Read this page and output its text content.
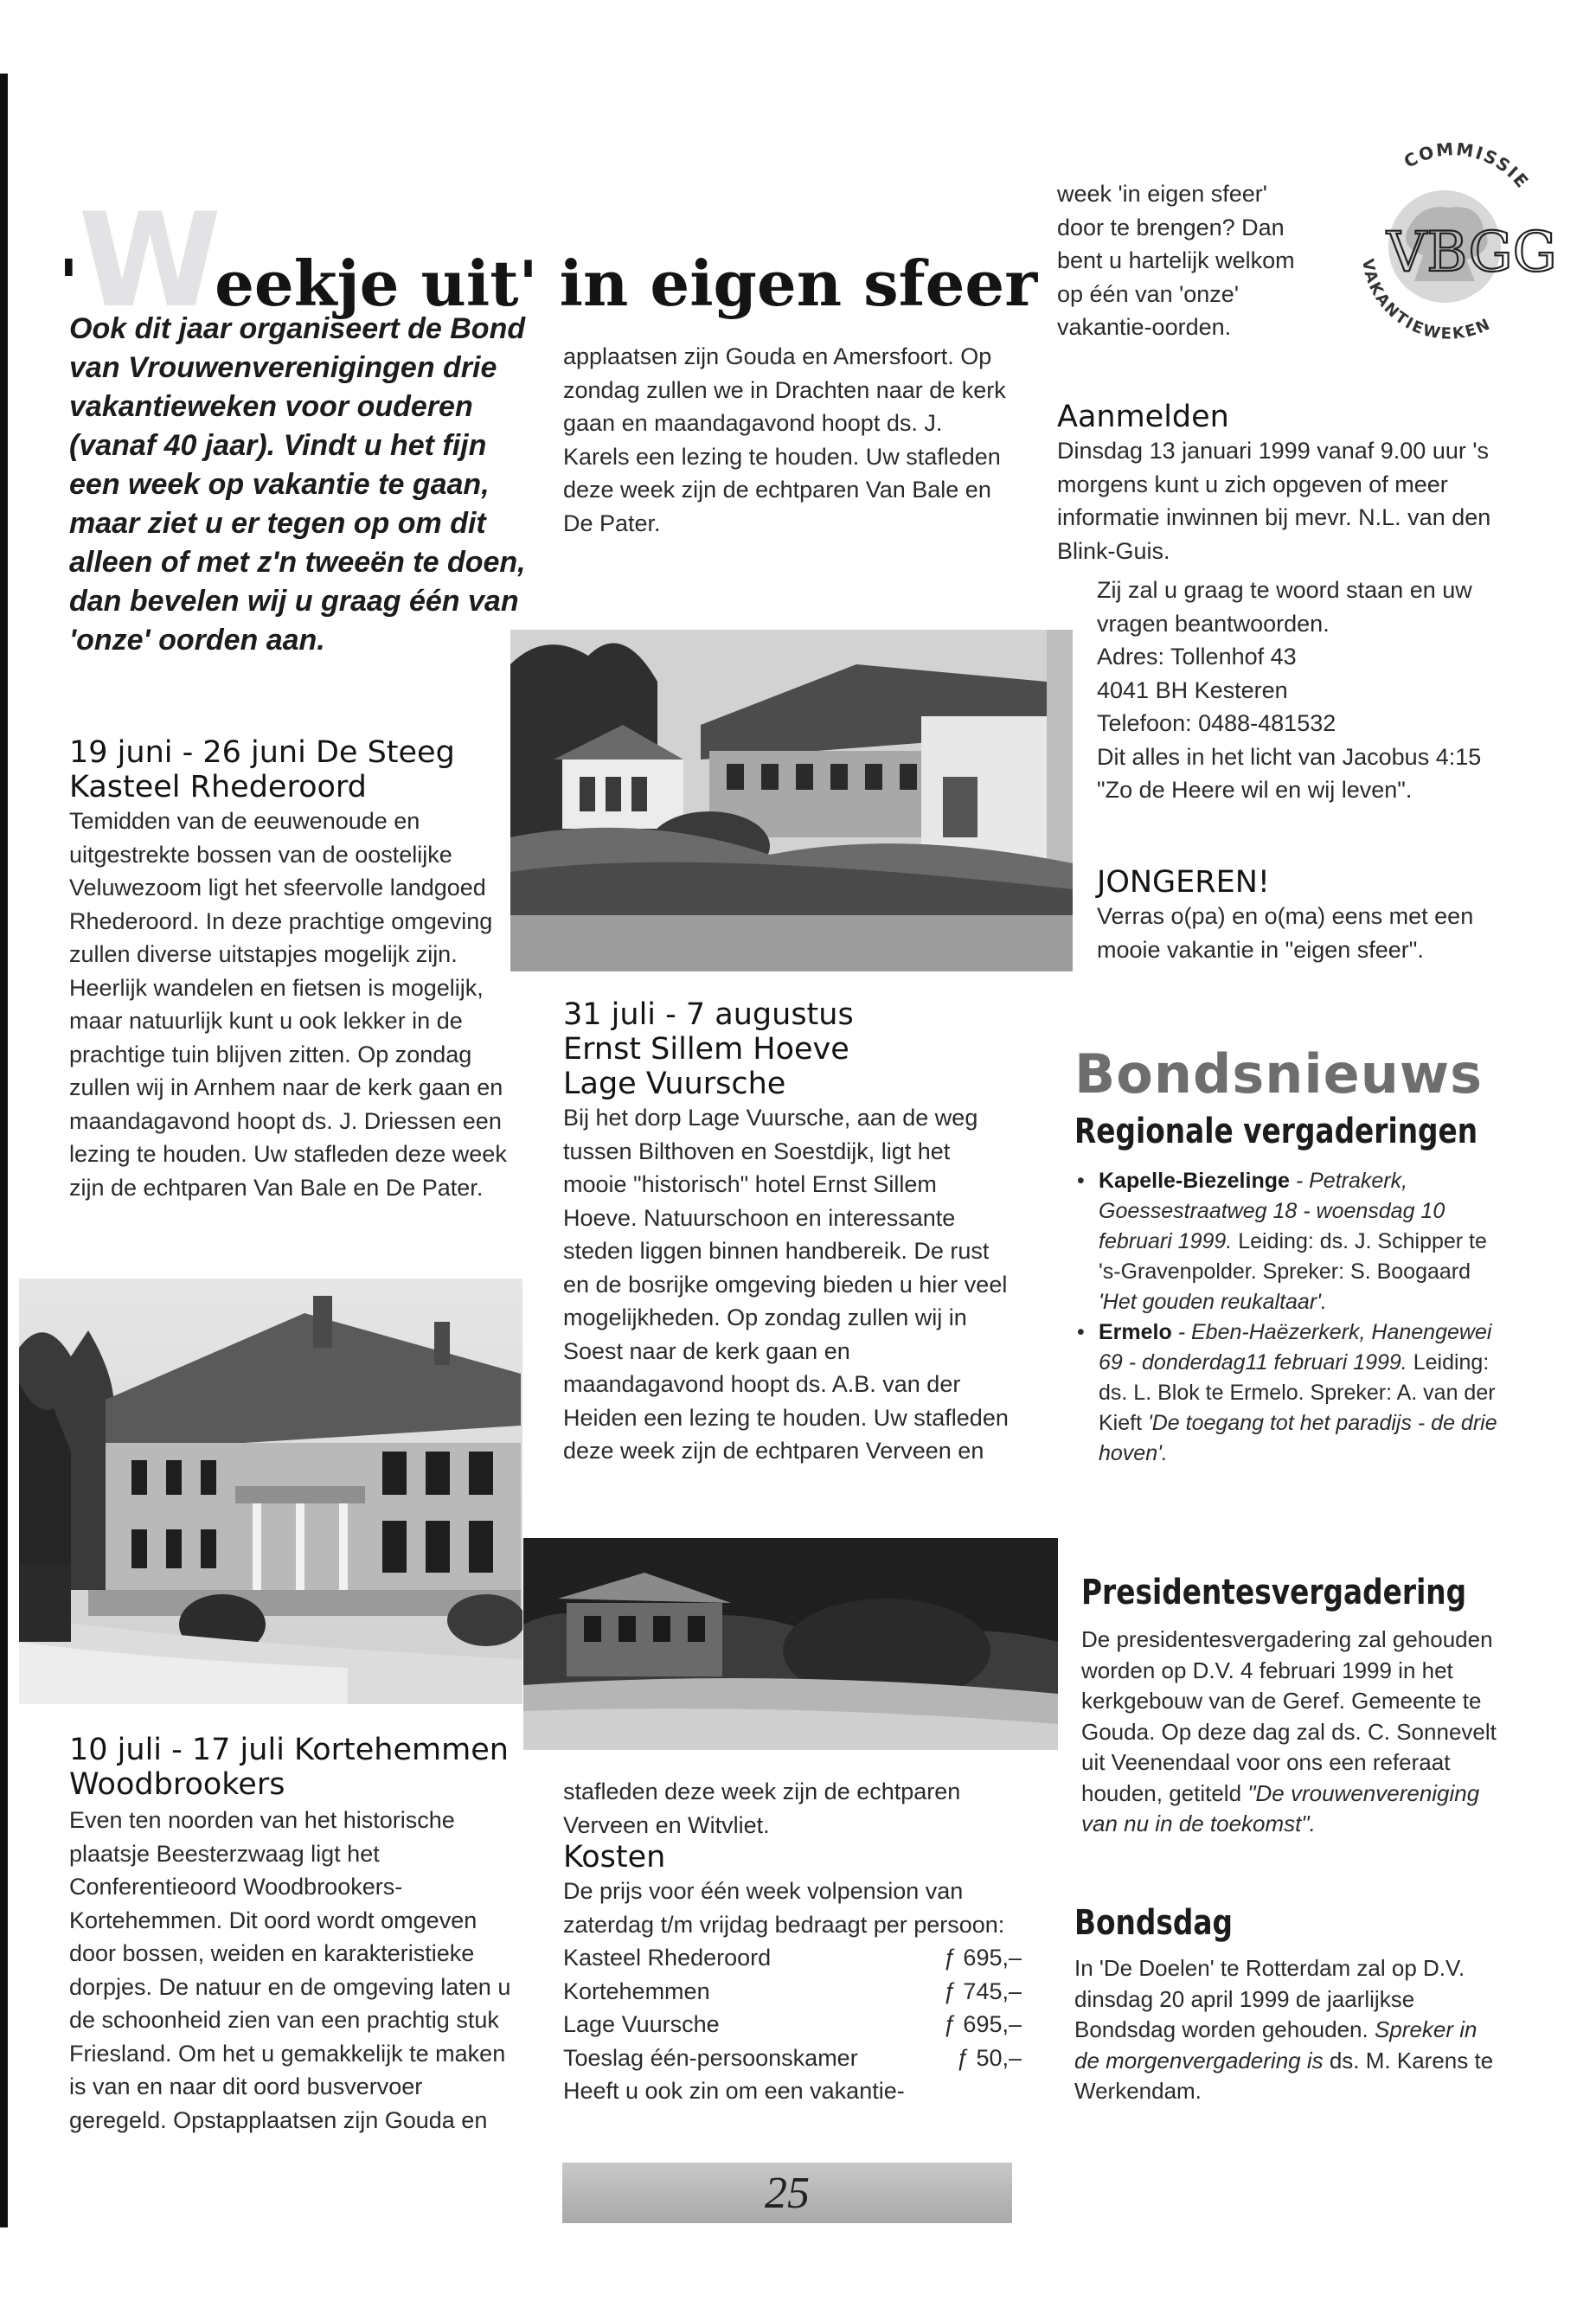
'Weekje uit' in eigen sfeer
Ook dit jaar organiseert de Bond van Vrouwenverenigingen drie vakantieweken voor ouderen (vanaf 40 jaar). Vindt u het fijn een week op vakantie te gaan, maar ziet u er tegen op om dit alleen of met z'n tweeën te doen, dan bevelen wij u graag één van 'onze' oorden aan.
19 juni - 26 juni De Steeg
Kasteel Rhederoord
Temidden van de eeuwenoude en uitgestrekte bossen van de oostelijke Veluwezoom ligt het sfeervolle landgoed Rhederoord. In deze prachtige omgeving zullen diverse uitstapjes mogelijk zijn. Heerlijk wandelen en fietsen is mogelijk, maar natuurlijk kunt u ook lekker in de prachtige tuin blijven zitten. Op zondag zullen wij in Arnhem naar de kerk gaan en maandagavond hoopt ds. J. Driessen een lezing te houden. Uw stafleden deze week zijn de echtparen Van Bale en De Pater.
10 juli - 17 juli Kortehemmen
Woodbrookers
Even ten noorden van het historische plaatsje Beesterzwaag ligt het Conferentieoord Woodbrookers-Kortehemmen. Dit oord wordt omgeven door bossen, weiden en karakteristieke dorpjes. De natuur en de omgeving laten u de schoonheid zien van een prachtig stuk Friesland. Om het u gemakkelijk te maken is van en naar dit oord busvervoer geregeld. Opstapplaatsen zijn Gouda en
applaatsen zijn Gouda en Amersfoort. Op zondag zullen we in Drachten naar de kerk gaan en maandagavond hoopt ds. J. Karels een lezing te houden. Uw stafleden deze week zijn de echtparen Van Bale en De Pater.
31 juli - 7 augustus
Ernst Sillem Hoeve
Lage Vuursche
Bij het dorp Lage Vuursche, aan de weg tussen Bilthoven en Soestdijk, ligt het mooie "historisch" hotel Ernst Sillem Hoeve. Natuurschoon en interessante steden liggen binnen handbereik. De rust en de bosrijke omgeving bieden u hier veel mogelijkheden. Op zondag zullen wij in Soest naar de kerk gaan en maandagavond hoopt ds. A.B. van der Heiden een lezing te houden. Uw stafleden deze week zijn de echtparen Verveen en
stafleden deze week zijn de echtparen Verveen en Witvliet.
Kosten
De prijs voor één week volpension van zaterdag t/m vrijdag bedraagt per persoon:
Kasteel Rhederoord	ƒ 695,–
Kortehemmen	ƒ 745,–
Lage Vuursche	ƒ 695,–
Toeslag één-persoonskamer	ƒ 50,–
Heeft u ook zin om een vakantie-
week 'in eigen sfeer' door te brengen? Dan bent u hartelijk welkom op één van 'onze' vakantie-oorden.
COMMISSIE
VAKANTIEWEKEN
VBGG
Aanmelden
Dinsdag 13 januari 1999 vanaf 9.00 uur 's morgens kunt u zich opgeven of meer informatie inwinnen bij mevr. N.L. van den Blink-Guis.
Zij zal u graag te woord staan en uw vragen beantwoorden.
Adres: Tollenhof 43
4041 BH Kesteren
Telefoon: 0488-481532
Dit alles in het licht van Jacobus 4:15 "Zo de Heere wil en wij leven".
JONGEREN!
Verras o(pa) en o(ma) eens met een mooie vakantie in "eigen sfeer".
Bondsnieuws
Regionale vergaderingen
• Kapelle-Biezelinge - Petrakerk, Goessestraatweg 18 - woensdag 10 februari 1999. Leiding: ds. J. Schipper te 's-Gravenpolder. Spreker: S. Boogaard 'Het gouden reukaltaar'.
• Ermelo - Eben-Haëzerkerk, Hanengewei 69 - donderdag11 februari 1999. Leiding: ds. L. Blok te Ermelo. Spreker: A. van der Kieft 'De toegang tot het paradijs - de drie hoven'.
Presidentesvergadering
De presidentesvergadering zal gehouden worden op D.V. 4 februari 1999 in het kerkgebouw van de Geref. Gemeente te Gouda. Op deze dag zal ds. C. Sonnevelt uit Veenendaal voor ons een referaat houden, getiteld "De vrouwenvereniging van nu in de toekomst".
Bondsdag
In 'De Doelen' te Rotterdam zal op D.V. dinsdag 20 april 1999 de jaarlijkse Bondsdag worden gehouden. Spreker in de morgenvergadering is ds. M. Karens te Werkendam.
25
